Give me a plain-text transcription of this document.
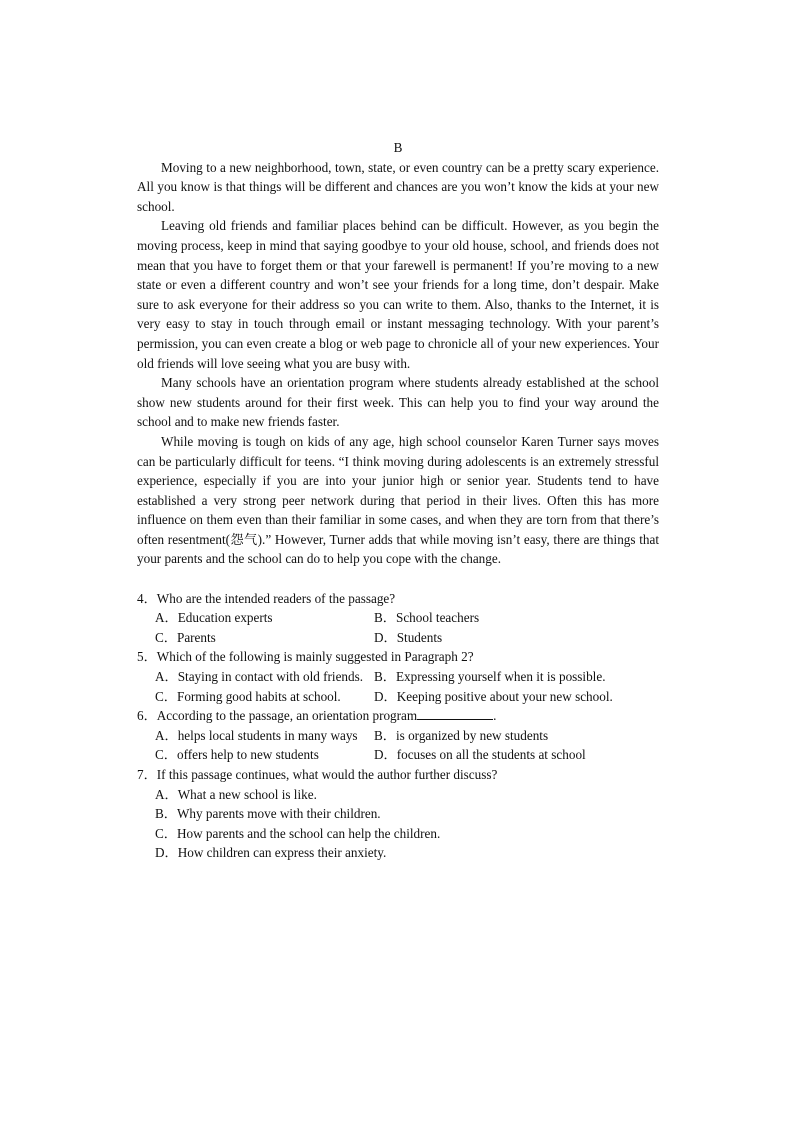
B

Moving to a new neighborhood, town, state, or even country can be a pretty scary experience. All you know is that things will be different and chances are you won’t know the kids at your new school.

Leaving old friends and familiar places behind can be difficult. However, as you begin the moving process, keep in mind that saying goodbye to your old house, school, and friends does not mean that you have to forget them or that your farewell is permanent! If you’re moving to a new state or even a different country and won’t see your friends for a long time, don’t despair. Make sure to ask everyone for their address so you can write to them. Also, thanks to the Internet, it is very easy to stay in touch through email or instant messaging technology. With your parent’s permission, you can even create a blog or web page to chronicle all of your new experiences. Your old friends will love seeing what you are busy with.

Many schools have an orientation program where students already established at the school show new students around for their first week. This can help you to find your way around the school and to make new friends faster.

While moving is tough on kids of any age, high school counselor Karen Turner says moves can be particularly difficult for teens. “I think moving during adolescents is an extremely stressful experience, especially if you are into your junior high or senior year. Students tend to have established a very strong peer network during that period in their lives. Often this has more influence on them even than their familiar in some cases, and when they are torn from that there’s often resentment(怨气).” However, Turner adds that while moving isn’t easy, there are things that your parents and the school can do to help you cope with the change.

4．Who are the intended readers of the passage?
A．Education experts	B．School teachers
C．Parents	D．Students
5．Which of the following is mainly suggested in Paragraph 2?
A．Staying in contact with old friends. B．Expressing yourself when it is possible.
C．Forming good habits at school.	D．Keeping positive about your new school.
6．According to the passage, an orientation program	.
A．helps local students in many ways B．is organized by new students
C．offers help to new students	D．focuses on all the students at school
7．If this passage continues, what would the author further discuss?
A．What a new school is like.
B．Why parents move with their children.
C．How parents and the school can help the children.
D．How children can express their anxiety.
